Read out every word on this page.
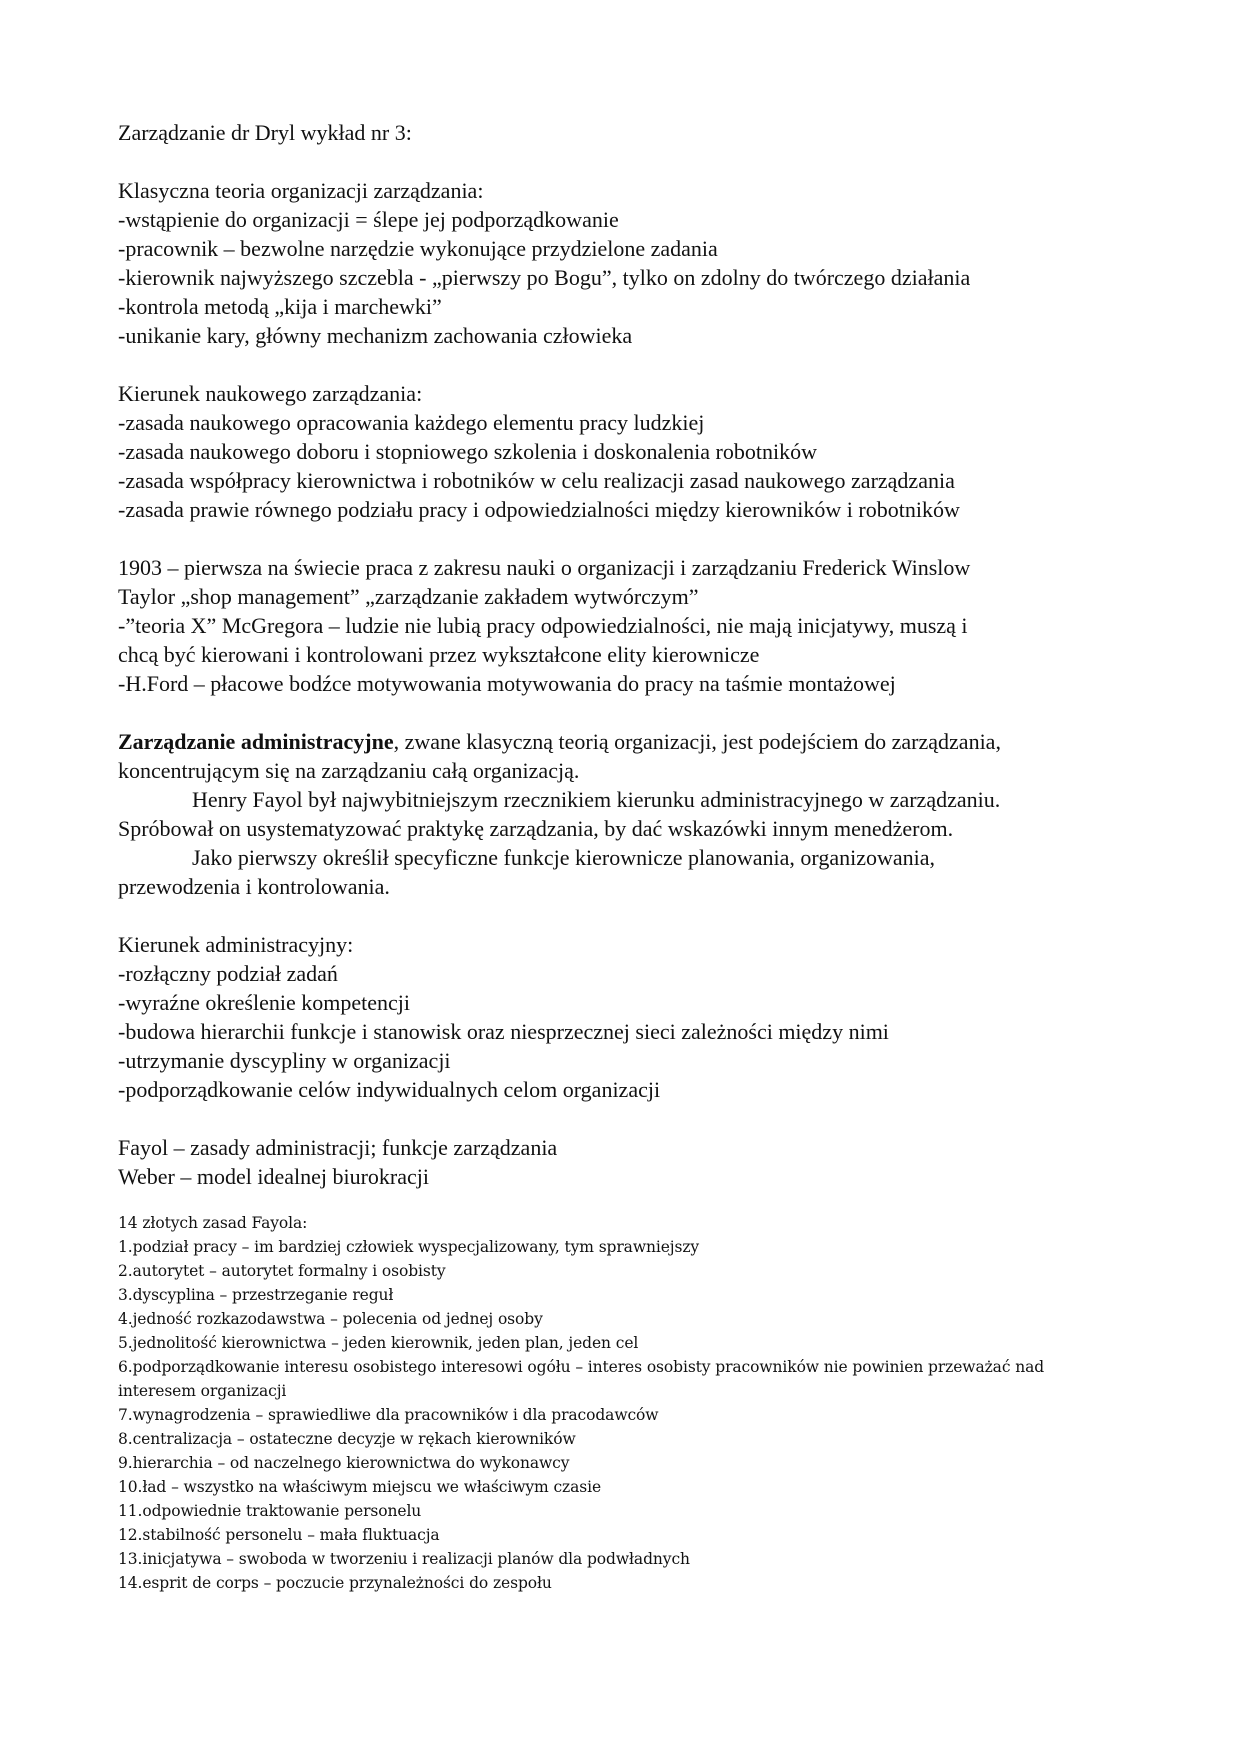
Zarządzanie dr Dryl wykład nr 3:

Klasyczna teoria organizacji zarządzania:

-wstąpienie do organizacji = ślepe jej podporządkowanie

-pracownik – bezwolne narzędzie wykonujące przydzielone zadania

-kierownik najwyższego szczebla - „pierwszy po Bogu”, tylko on zdolny do twórczego działania

-kontrola metodą „kija i marchewki”

-unikanie kary, główny mechanizm zachowania człowieka

Kierunek naukowego zarządzania:

-zasada naukowego opracowania każdego elementu pracy ludzkiej

-zasada naukowego doboru i stopniowego szkolenia i doskonalenia robotników

-zasada współpracy kierownictwa i robotników w celu realizacji zasad naukowego zarządzania

-zasada prawie równego podziału pracy i odpowiedzialności między kierowników i robotników

1903 – pierwsza na świecie praca z zakresu nauki o organizacji i zarządzaniu Frederick Winslow

Taylor „shop management” „zarządzanie zakładem wytwórczym”

-”teoria X” McGregora – ludzie nie lubią pracy odpowiedzialności, nie mają inicjatywy, muszą i

chcą być kierowani i kontrolowani przez wykształcone elity kierownicze

-H.Ford – płacowe bodźce motywowania motywowania do pracy na taśmie montażowej

Zarządzanie administracyjne, zwane klasyczną teorią organizacji, jest podejściem do zarządzania,

koncentrującym się na zarządzaniu całą organizacją.

Henry Fayol był najwybitniejszym rzecznikiem kierunku administracyjnego w zarządzaniu.

Spróbował on usystematyzować praktykę zarządzania, by dać wskazówki innym menedżerom.

Jako pierwszy określił specyficzne funkcje kierownicze planowania, organizowania,

przewodzenia i kontrolowania.

Kierunek administracyjny:

-rozłączny podział zadań

-wyraźne określenie kompetencji

-budowa hierarchii funkcje i stanowisk oraz niesprzecznej sieci zależności między nimi

-utrzymanie dyscypliny w organizacji

-podporządkowanie celów indywidualnych celom organizacji

Fayol – zasady administracji; funkcje zarządzania

Weber – model idealnej biurokracji

14 złotych zasad Fayola:

1.podział pracy – im bardziej człowiek wyspecjalizowany, tym sprawniejszy

2.autorytet – autorytet formalny i osobisty

3.dyscyplina – przestrzeganie reguł

4.jedność rozkazodawstwa – polecenia od jednej osoby

5.jednolitość kierownictwa – jeden kierownik, jeden plan, jeden cel

6.podporządkowanie interesu osobistego interesowi ogółu – interes osobisty pracowników nie powinien przeważać nad

interesem organizacji

7.wynagrodzenia – sprawiedliwe dla pracowników i dla pracodawców

8.centralizacja – ostateczne decyzje w rękach kierowników

9.hierarchia – od naczelnego kierownictwa do wykonawcy

10.ład – wszystko na właściwym miejscu we właściwym czasie

11.odpowiednie traktowanie personelu

12.stabilność personelu – mała fluktuacja

13.inicjatywa – swoboda w tworzeniu i realizacji planów dla podwładnych

14.esprit de corps – poczucie przynależności do zespołu
